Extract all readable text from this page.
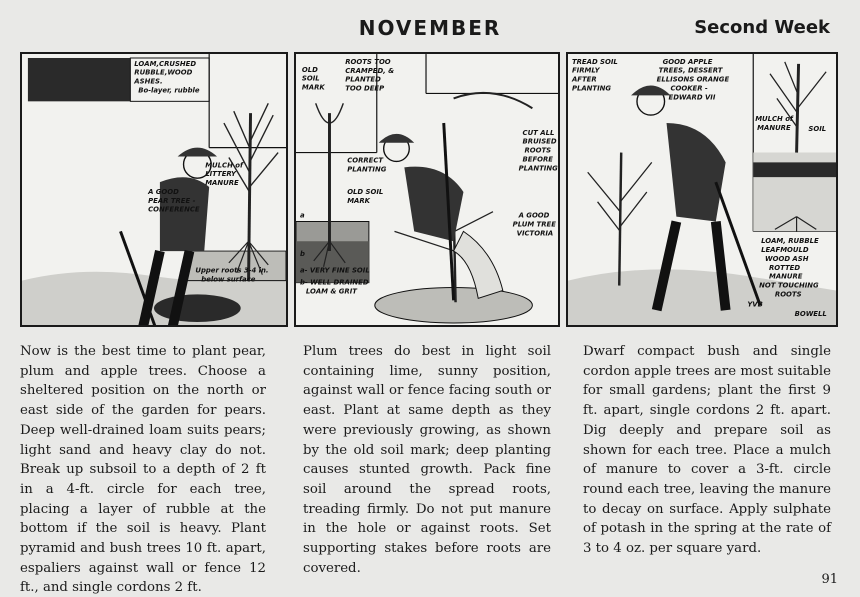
NOVEMBER	Second Week
LOAM,CRUSHED
RUBBLE,WOOD
ASHES.
Bo-layer, rubble
MULCH of
LITTERY
MANURE
A GOOD
PEAR TREE -
CONFERENCE
Upper roots 3-4 in.
below surface
OLD
SOIL
MARK
ROOTS TOO
CRAMPED, &
PLANTED
TOO DEEP
CUT ALL
BRUISED
ROOTS
BEFORE
PLANTING
CORRECT
PLANTING
OLD SOIL
MARK
A GOOD
PLUM TREE
VICTORIA
a
b
a- VERY FINE SOIL
b- WELL DRAINED
LOAM & GRIT
TREAD SOIL
FIRMLY
AFTER
PLANTING
GOOD APPLE
TREES, DESSERT
ELLISONS ORANGE
COOKER -
EDWARD VII
MULCH of
MANURE	SOIL
LOAM, RUBBLE
LEAFMOULD
WOOD ASH
ROTTED
MANURE
NOT TOUCHING
ROOTS
YVB
BOWELL

Now is the best time to plant pear, plum and apple trees. Choose a sheltered position on the north or east side of the garden for pears. Deep well-drained loam suits pears; light sand and heavy clay do not. Break up subsoil to a depth of 2 ft in a 4-ft. circle for each tree, placing a layer of rubble at the bottom if the soil is heavy. Plant pyramid and bush trees 10 ft. apart, espaliers against wall or fence 12 ft., and single cordons 2 ft.

Plum trees do best in light soil containing lime, sunny position, against wall or fence facing south or east. Plant at same depth as they were previously growing, as shown by the old soil mark; deep planting causes stunted growth. Pack fine soil around the spread roots, treading firmly. Do not put manure in the hole or against roots. Set supporting stakes before roots are covered.

Dwarf compact bush and single cordon apple trees are most suitable for small gardens; plant the first 9 ft. apart, single cordons 2 ft. apart. Dig deeply and prepare soil as shown for each tree. Place a mulch of manure to cover a 3-ft. circle round each tree, leaving the manure to decay on surface. Apply sulphate of potash in the spring at the rate of 3 to 4 oz. per square yard.

91
